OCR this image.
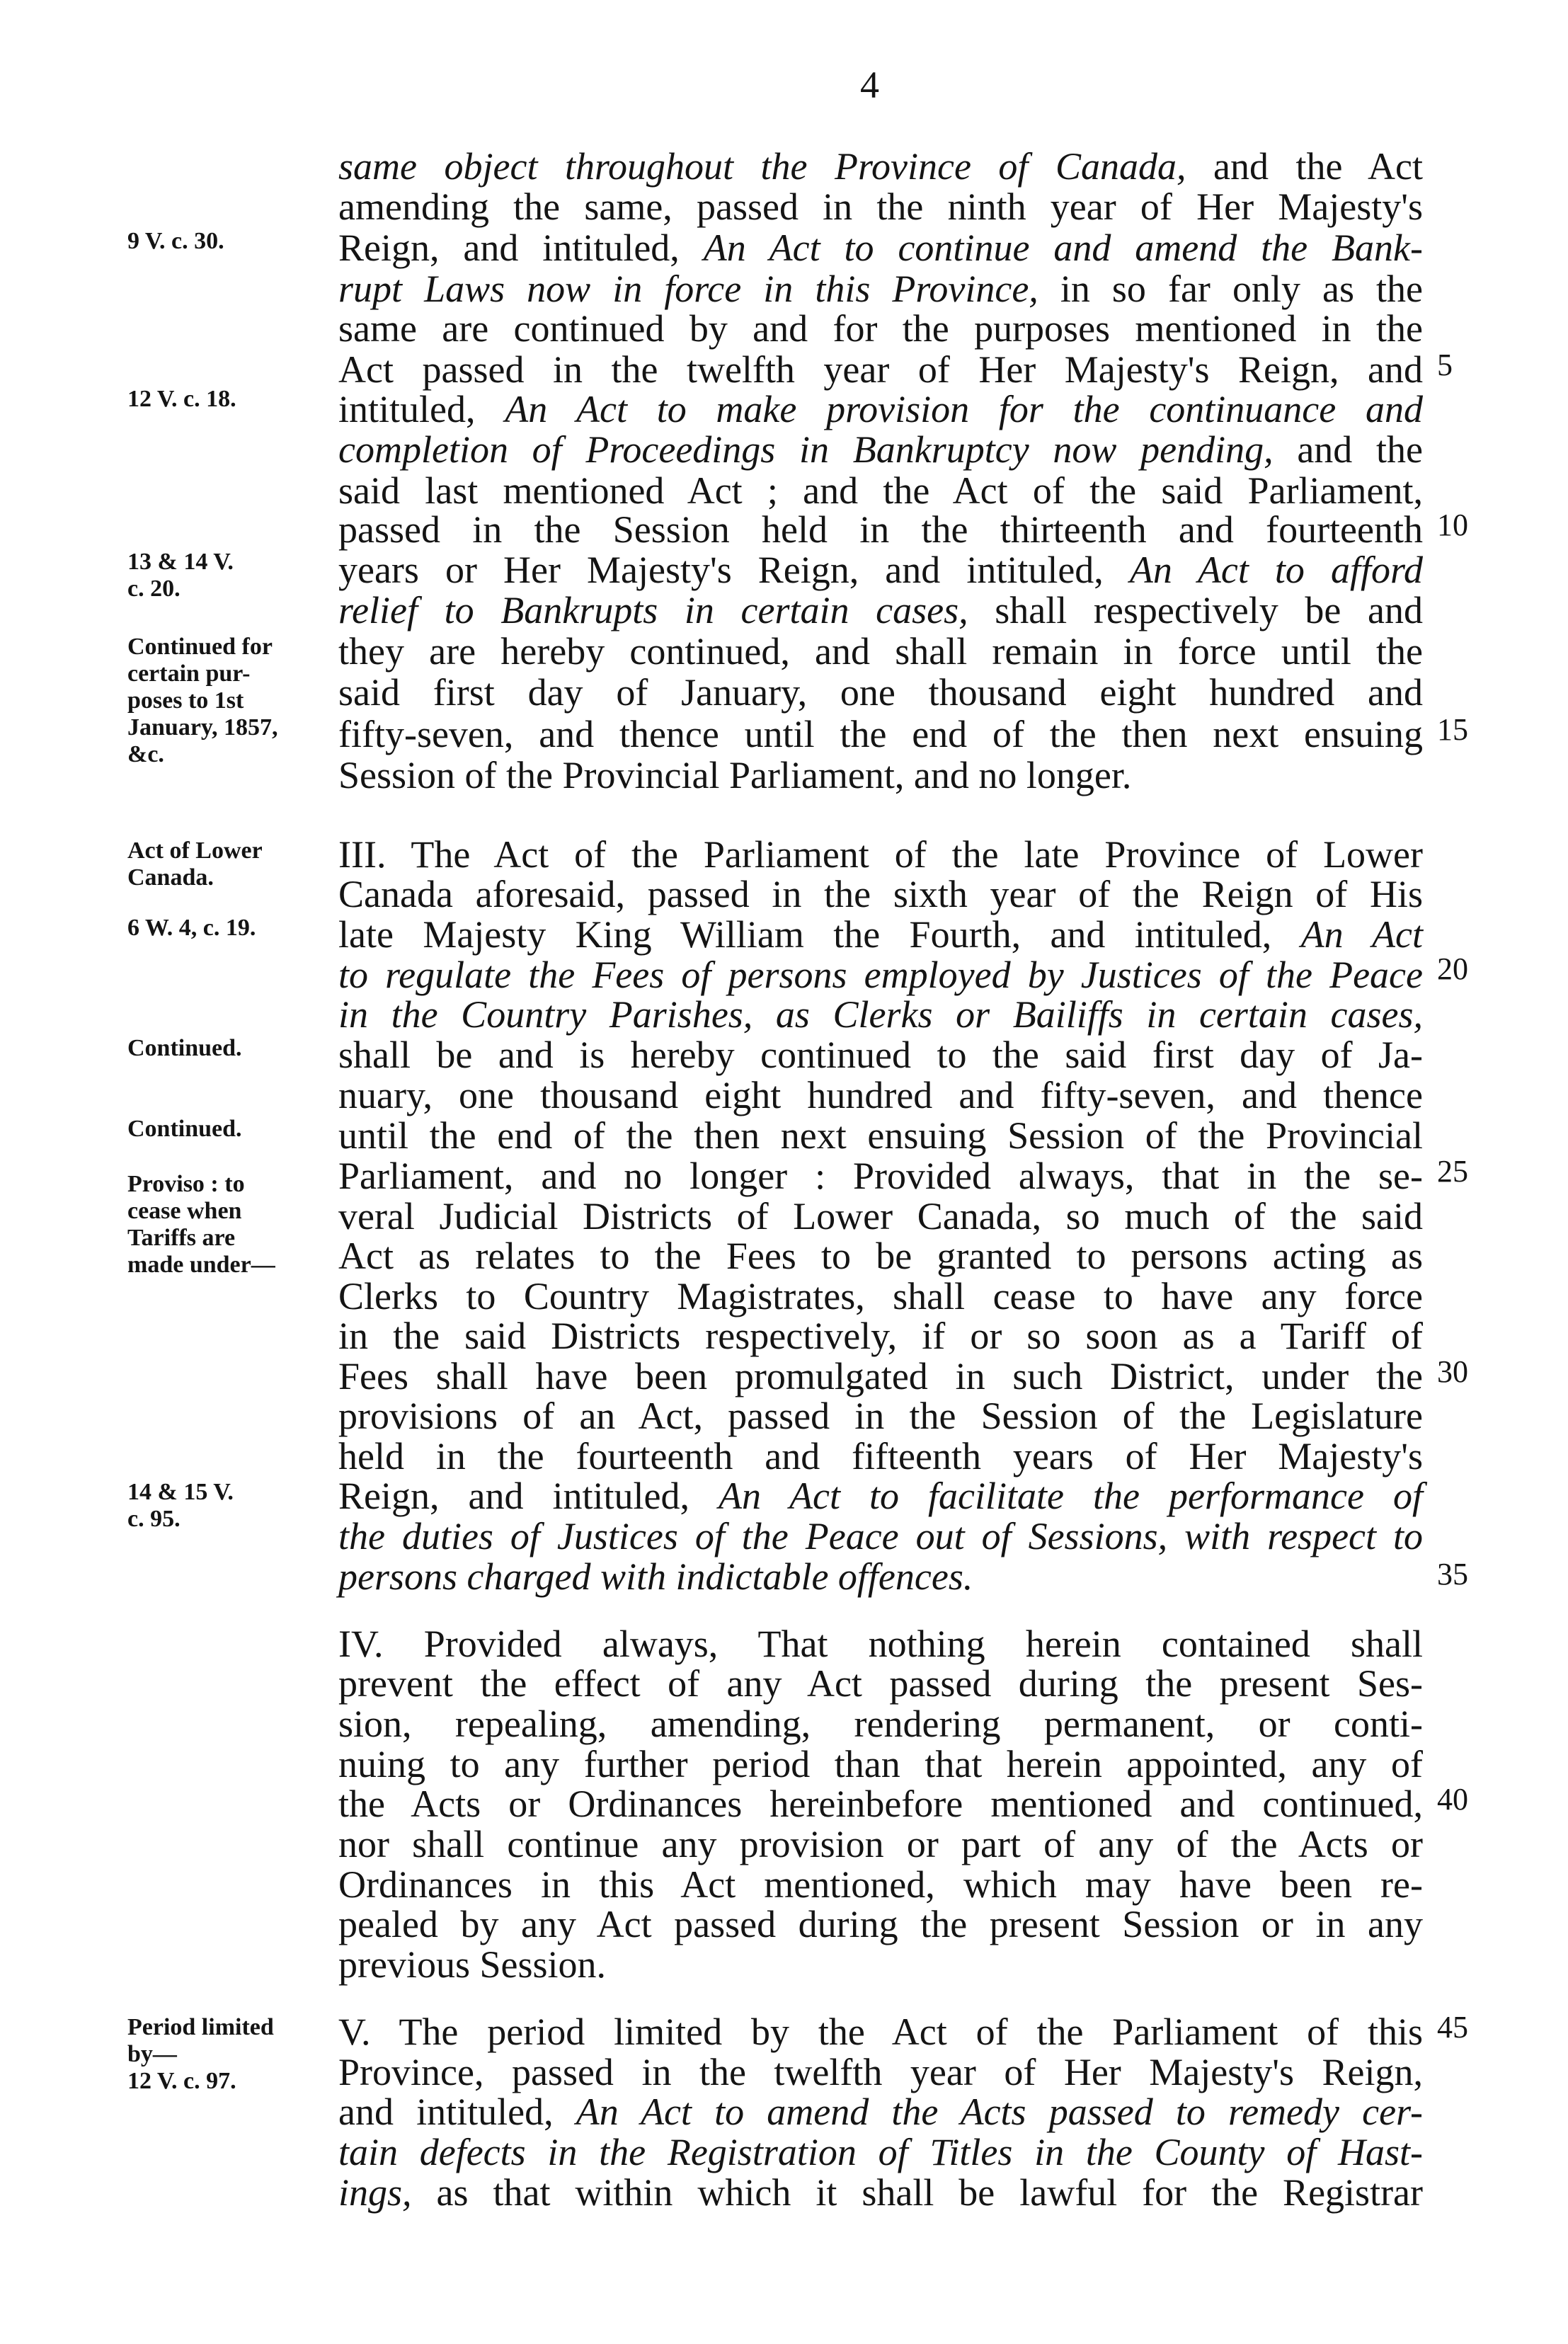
4
same object throughout the Province of Canada, and the Act
amending the same, passed in the ninth year of Her Majesty's
Reign, and intituled, An Act to continue and amend the Bank-
rupt Laws now in force in this Province, in so far only as the
same are continued by and for the purposes mentioned in the
Act passed in the twelfth year of Her Majesty's Reign, and
intituled, An Act to make provision for the continuance and
completion of Proceedings in Bankruptcy now pending, and the
said last mentioned Act ; and the Act of the said Parliament,
passed in the Session held in the thirteenth and fourteenth
years or Her Majesty's Reign, and intituled, An Act to afford
relief to Bankrupts in certain cases, shall respectively be and
they are hereby continued, and shall remain in force until the
said first day of January, one thousand eight hundred and
fifty-seven, and thence until the end of the then next ensuing
Session of the Provincial Parliament, and no longer.
III. The Act of the Parliament of the late Province of Lower
Canada aforesaid, passed in the sixth year of the Reign of His
late Majesty King William the Fourth, and intituled, An Act
to regulate the Fees of persons employed by Justices of the Peace
in the Country Parishes, as Clerks or Bailiffs in certain cases,
shall be and is hereby continued to the said first day of Ja-
nuary, one thousand eight hundred and fifty-seven, and thence
until the end of the then next ensuing Session of the Provincial
Parliament, and no longer : Provided always, that in the se-
veral Judicial Districts of Lower Canada, so much of the said
Act as relates to the Fees to be granted to persons acting as
Clerks to Country Magistrates, shall cease to have any force
in the said Districts respectively, if or so soon as a Tariff of
Fees shall have been promulgated in such District, under the
provisions of an Act, passed in the Session of the Legislature
held in the fourteenth and fifteenth years of Her Majesty's
Reign, and intituled, An Act to facilitate the performance of
the duties of Justices of the Peace out of Sessions, with respect to
persons charged with indictable offences.
IV. Provided always, That nothing herein contained shall
prevent the effect of any Act passed during the present Ses-
sion, repealing, amending, rendering permanent, or conti-
nuing to any further period than that herein appointed, any of
the Acts or Ordinances hereinbefore mentioned and continued,
nor shall continue any provision or part of any of the Acts or
Ordinances in this Act mentioned, which may have been re-
pealed by any Act passed during the present Session or in any
previous Session.
V. The period limited by the Act of the Parliament of this
Province, passed in the twelfth year of Her Majesty's Reign,
and intituled, An Act to amend the Acts passed to remedy cer-
tain defects in the Registration of Titles in the County of Hast-
ings, as that within which it shall be lawful for the Registrar
9 V. c. 30.
12 V. c. 18.
13 & 14 V.
c. 20.
Continued for
certain pur-
poses to 1st
January, 1857,
&c.
Act of Lower
Canada.
6 W. 4, c. 19.
Continued.
Continued.
Proviso : to
cease when
Tariffs are
made under—
14 & 15 V.
c. 95.
Period limited
by—
12 V. c. 97.
5
10
15
20
25
30
35
40
45
